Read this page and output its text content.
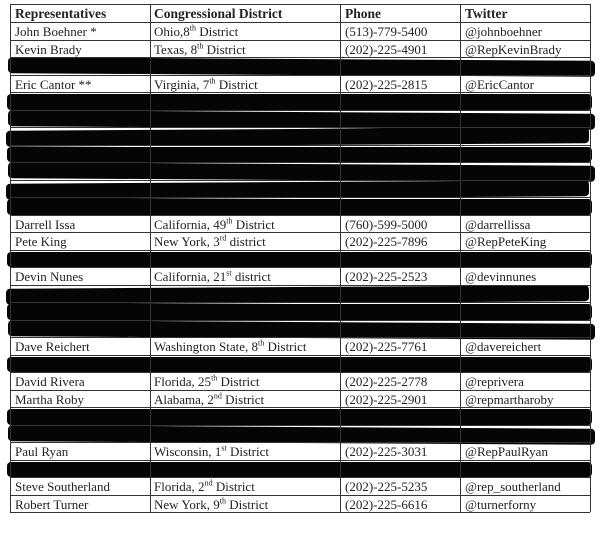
Representatives	Congressional District	Phone	Twitter
John Boehner *	Ohio,8th District	(513)-779-5400	@johnboehner
Kevin Brady	Texas, 8th District	(202)-225-4901	@RepKevinBrady
Eric Cantor **	Virginia, 7th District	(202)-225-2815	@EricCantor
Darrell Issa	California, 49th District	(760)-599-5000	@darrellissa
Pete King	New York, 3rd district	(202)-225-7896	@RepPeteKing
Devin Nunes	California, 21st district	(202)-225-2523	@devinnunes
Dave Reichert	Washington State, 8th District	(202)-225-7761	@davereichert
David Rivera	Florida, 25th District	(202)-225-2778	@reprivera
Martha Roby	Alabama, 2nd District	(202)-225-2901	@repmartharoby
Paul Ryan	Wisconsin, 1st District	(202)-225-3031	@RepPaulRyan
Steve Southerland	Florida, 2nd District	(202)-225-5235	@rep_southerland
Robert Turner	New York, 9th District	(202)-225-6616	@turnerforny
